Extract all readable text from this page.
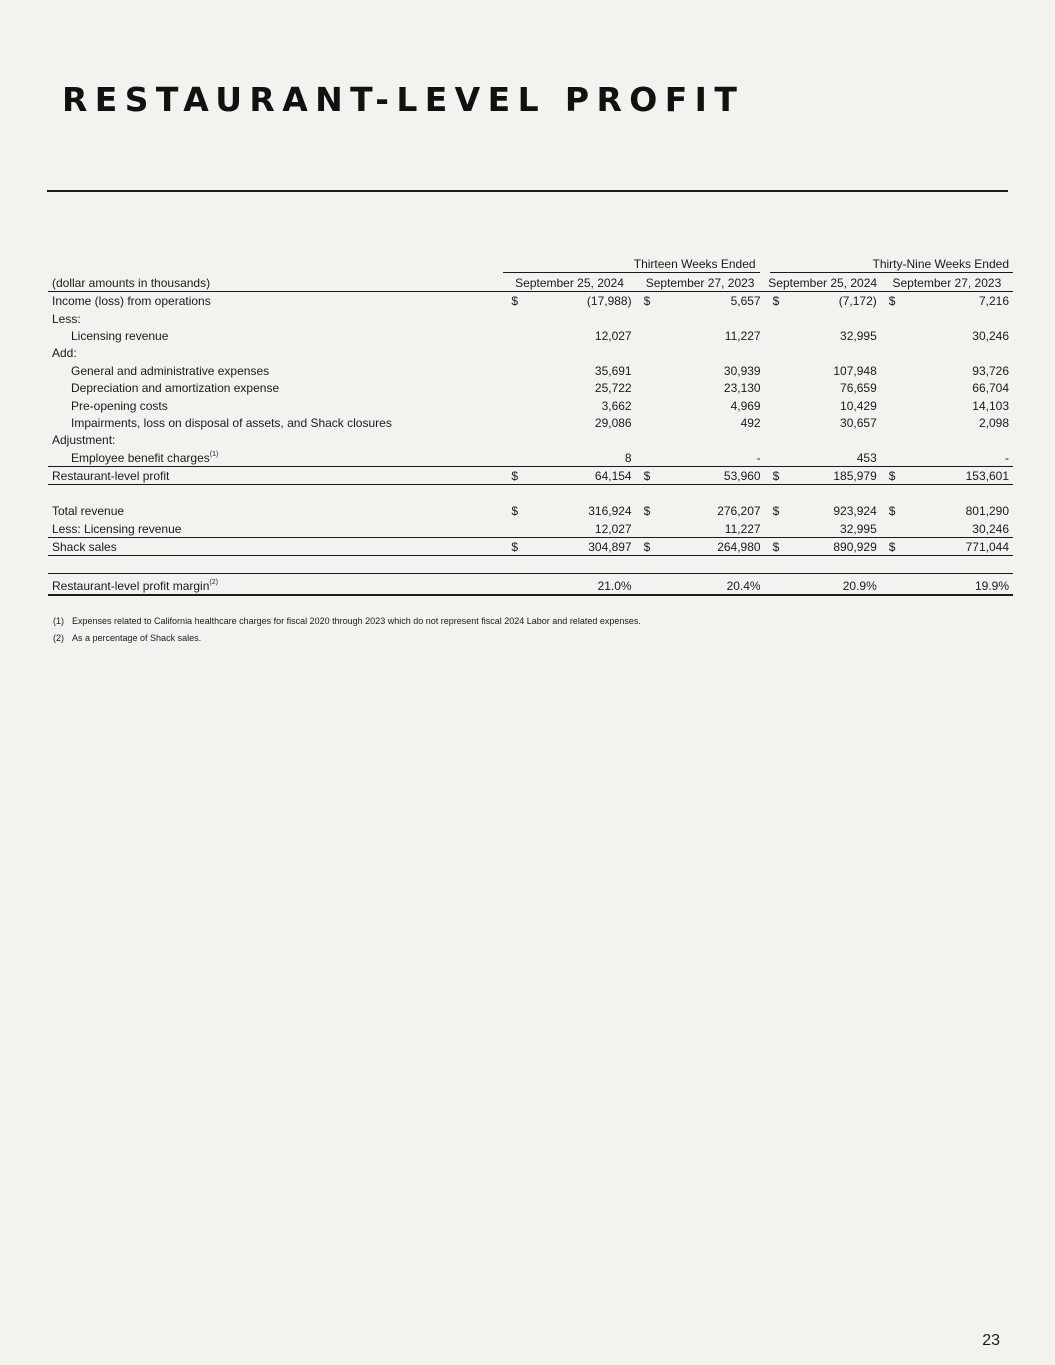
RESTAURANT-LEVEL PROFIT

	Thirteen Weeks Ended				Thirty-Nine Weeks Ended			

(dollar amounts in thousands)	September 25, 2024		September 27, 2023		September 25, 2024		September 27, 2023	
Income (loss) from operations	$	(17,988)	$	5,657	$	(7,172)	$	7,216
Less:								
Licensing revenue		12,027		11,227		32,995		30,246
Add:								
General and administrative expenses		35,691		30,939		107,948		93,726
Depreciation and amortization expense		25,722		23,130		76,659		66,704
Pre-opening costs		3,662		4,969		10,429		14,103
Impairments, loss on disposal of assets, and Shack closures		29,086		492		30,657		2,098
Adjustment:								
Employee benefit charges$^{(1)}$		8		-		453		-
Restaurant-level profit	$	64,154	$	53,960	$	185,979	$	153,601

Total revenue	$	316,924	$	276,207	$	923,924	$	801,290
Less: Licensing revenue		12,027		11,227		32,995		30,246
Shack sales	$	304,897	$	264,980	$	890,929	$	771,044

Restaurant-level profit margin$^{(2)}$		21.0%		20.4%		20.9%		19.9%
(1) Expenses related to California healthcare charges for fiscal 2020 through 2023 which do not represent fiscal 2024 Labor and related expenses.
(2) As a percentage of Shack sales.
23
